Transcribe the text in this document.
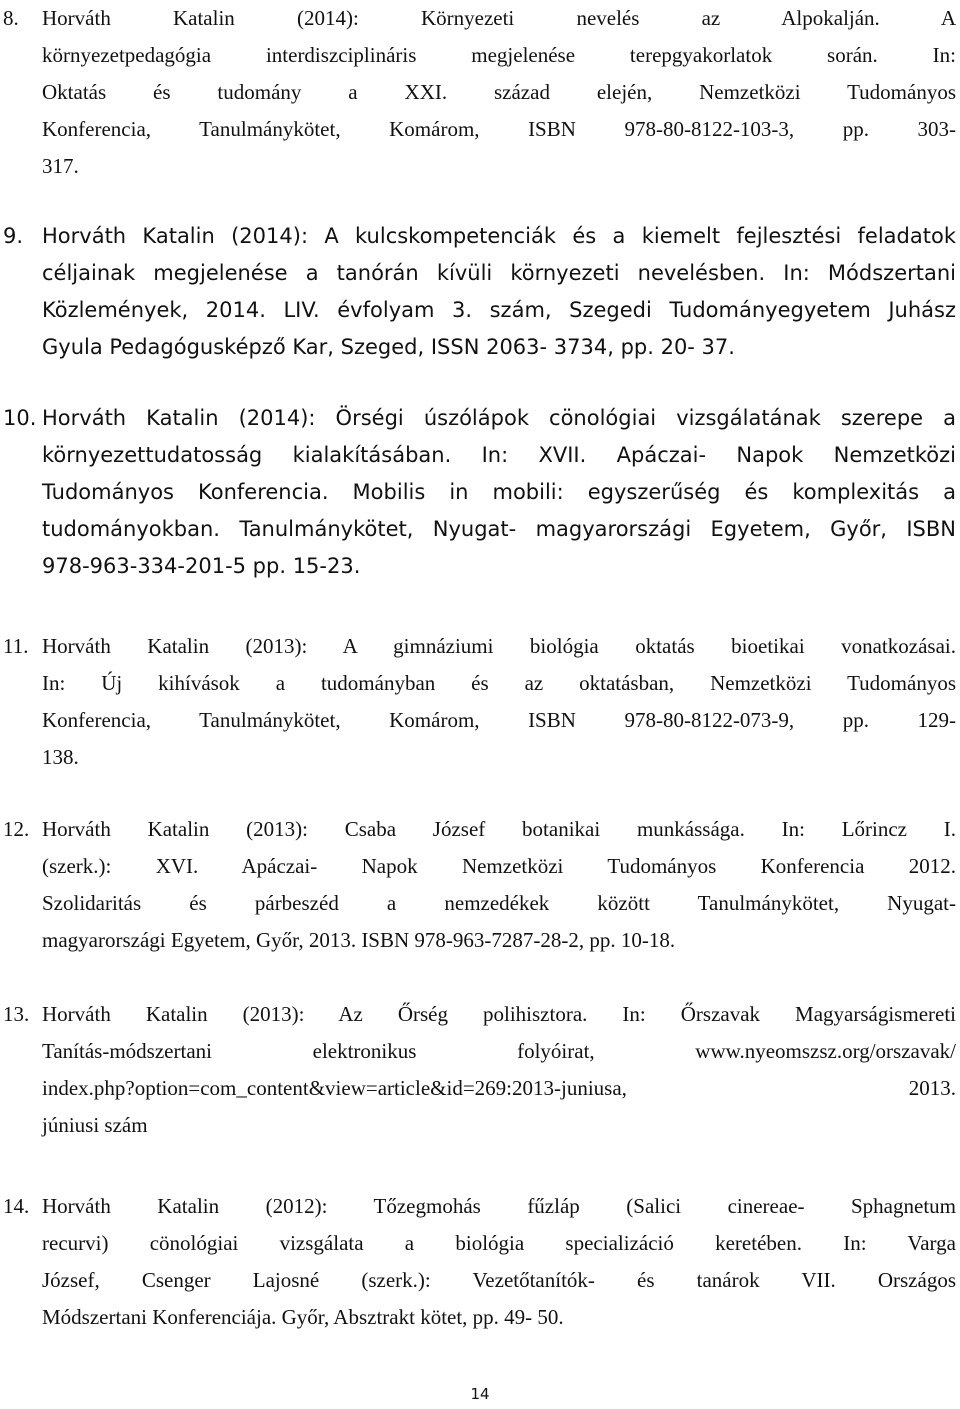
8. Horváth Katalin (2014): Környezeti nevelés az Alpokalján. A
környezetpedagógia interdiszciplináris megjelenése terepgyakorlatok során. In:
Oktatás és tudomány a XXI. század elején, Nemzetközi Tudományos
Konferencia, Tanulmánykötet, Komárom, ISBN 978-80-8122-103-3, pp. 303-
317.
9. Horváth Katalin (2014): A kulcskompetenciák és a kiemelt fejlesztési feladatok
céljainak megjelenése a tanórán kívüli környezeti nevelésben. In: Módszertani
Közlemények, 2014. LIV. évfolyam 3. szám, Szegedi Tudományegyetem Juhász
Gyula Pedagógusképző Kar, Szeged, ISSN 2063- 3734, pp. 20- 37.
10. Horváth Katalin (2014): Örségi úszólápok cönológiai vizsgálatának szerepe a
környezettudatosság kialakításában. In: XVII. Apáczai- Napok Nemzetközi
Tudományos Konferencia. Mobilis in mobili: egyszerűség és komplexitás a
tudományokban. Tanulmánykötet, Nyugat- magyarországi Egyetem, Győr, ISBN
978-963-334-201-5 pp. 15-23.
11. Horváth Katalin (2013): A gimnáziumi biológia oktatás bioetikai vonatkozásai.
In: Új kihívások a tudományban és az oktatásban, Nemzetközi Tudományos
Konferencia, Tanulmánykötet, Komárom, ISBN 978-80-8122-073-9, pp. 129-
138.
12. Horváth Katalin (2013): Csaba József botanikai munkássága. In: Lőrincz I.
(szerk.): XVI. Apáczai- Napok Nemzetközi Tudományos Konferencia 2012.
Szolidaritás és párbeszéd a nemzedékek között Tanulmánykötet, Nyugat-
magyarországi Egyetem, Győr, 2013. ISBN 978-963-7287-28-2, pp. 10-18.
13. Horváth Katalin (2013): Az Őrség polihisztora. In: Őrszavak Magyarságismereti
Tanítás-módszertani elektronikus folyóirat, www.nyeomszsz.org/orszavak/
index.php?option=com_content&view=article&id=269:2013-juniusa, 2013.
júniusi szám
14. Horváth Katalin (2012): Tőzegmohás fűzláp (Salici cinereae- Sphagnetum
recurvi) cönológiai vizsgálata a biológia specializáció keretében. In: Varga
József, Csenger Lajosné (szerk.): Vezetőtanítók- és tanárok VII. Országos
Módszertani Konferenciája. Győr, Absztrakt kötet, pp. 49- 50.
14
